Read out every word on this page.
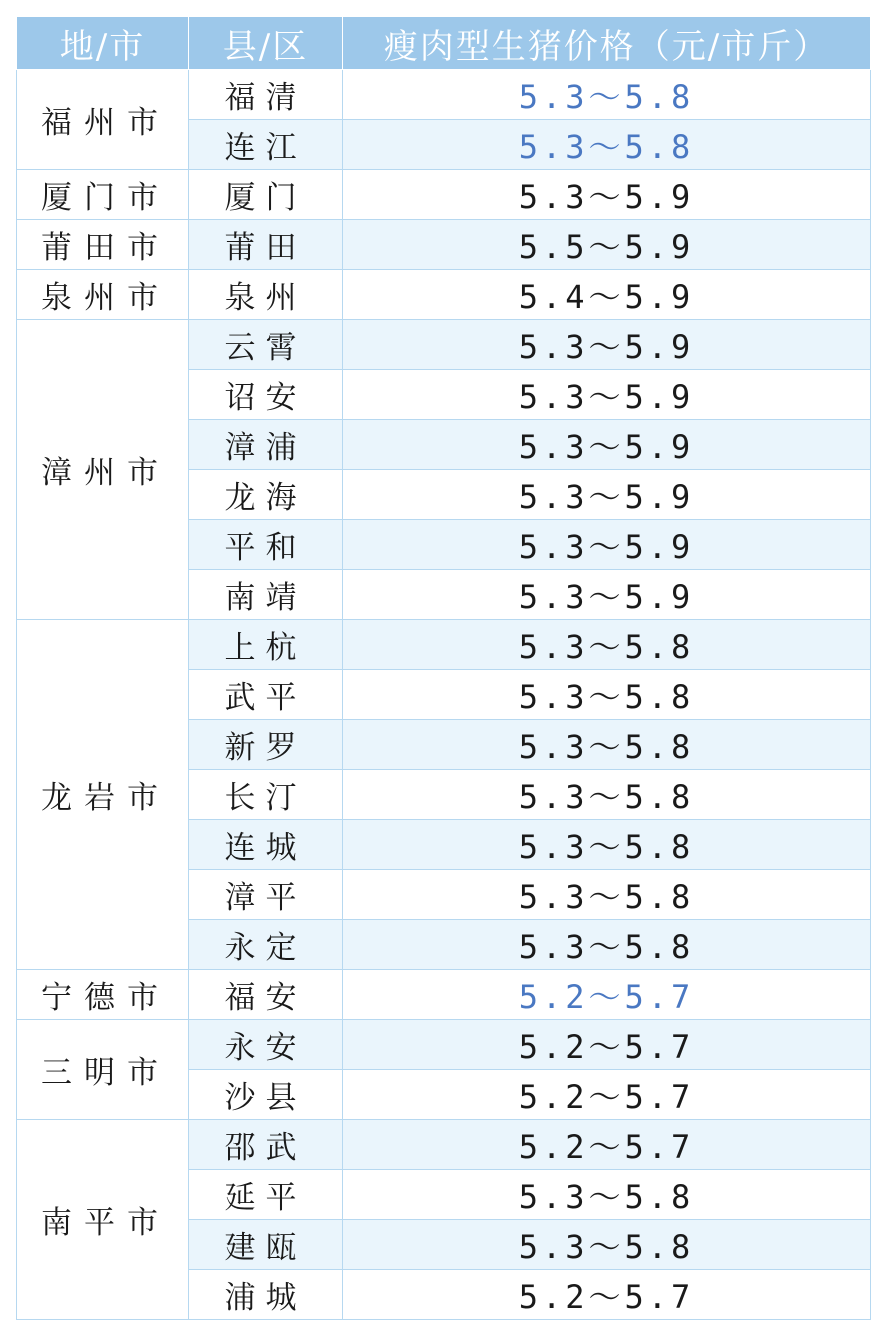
地/市	县/区	瘦肉型生猪价格（元/市斤）
福州市	福清	5.3～5.8
	连江	5.3～5.8
厦门市	厦门	5.3～5.9
莆田市	莆田	5.5～5.9
泉州市	泉州	5.4～5.9
漳州市	云霄	5.3～5.9
	诏安	5.3～5.9
	漳浦	5.3～5.9
	龙海	5.3～5.9
	平和	5.3～5.9
	南靖	5.3～5.9
龙岩市	上杭	5.3～5.8
	武平	5.3～5.8
	新罗	5.3～5.8
	长汀	5.3～5.8
	连城	5.3～5.8
	漳平	5.3～5.8
	永定	5.3～5.8
宁德市	福安	5.2～5.7
三明市	永安	5.2～5.7
	沙县	5.2～5.7
南平市	邵武	5.2～5.7
	延平	5.3～5.8
	建瓯	5.3～5.8
	浦城	5.2～5.7
